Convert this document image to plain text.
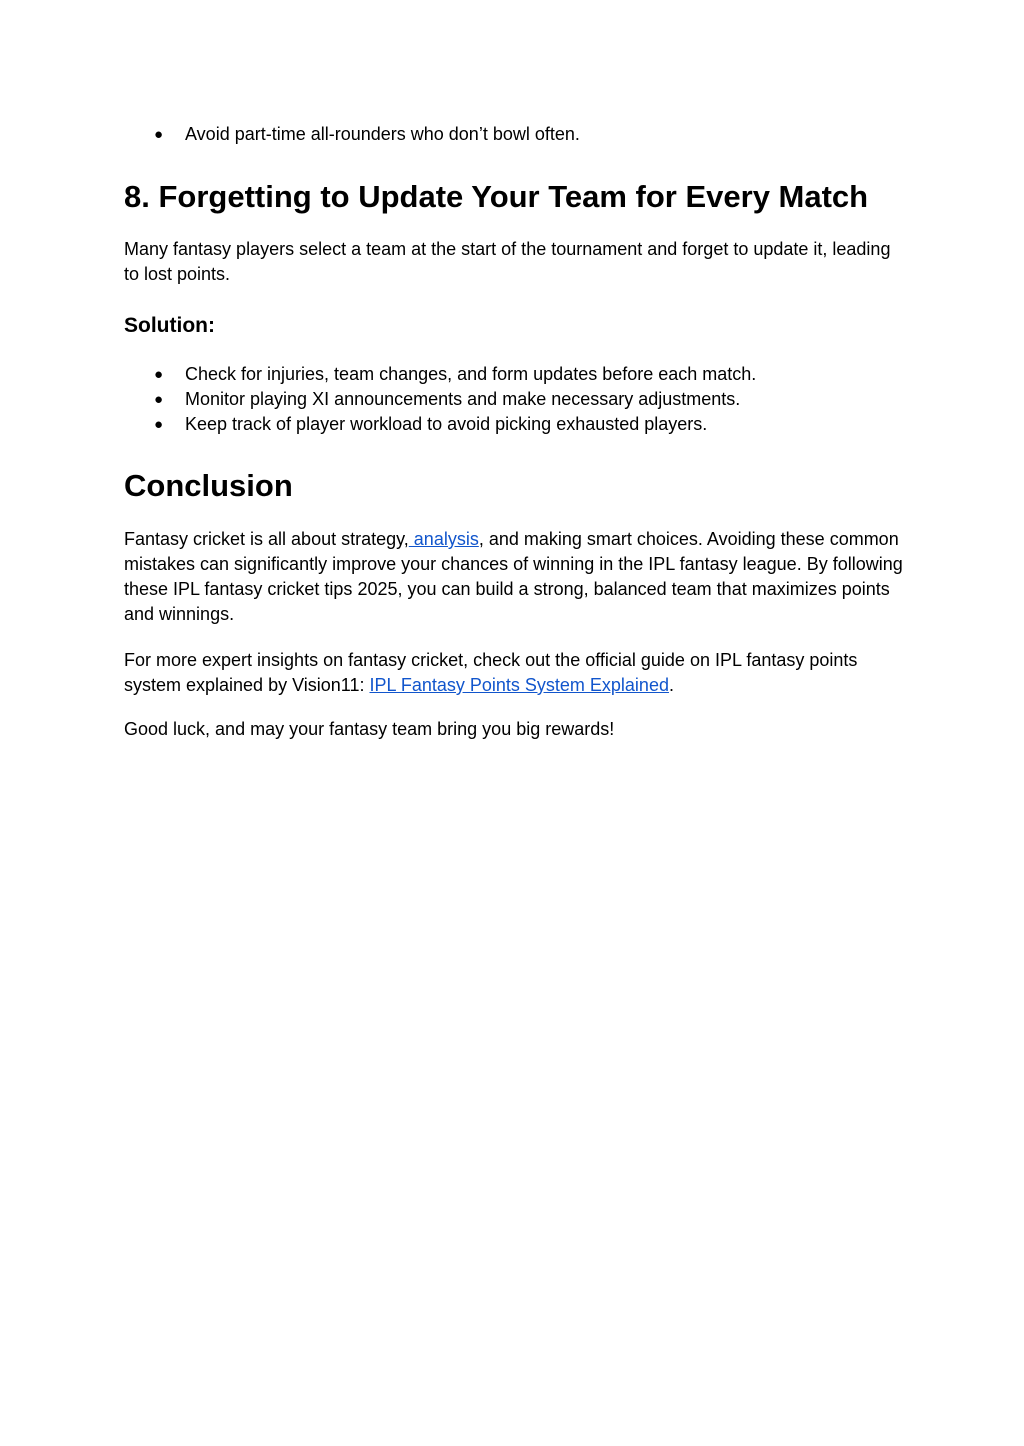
● Avoid part-time all-rounders who don’t bowl often.
8. Forgetting to Update Your Team for Every Match

Many fantasy players select a team at the start of the tournament and forget to update it, leading to lost points.

Solution:
● Check for injuries, team changes, and form updates before each match.
● Monitor playing XI announcements and make necessary adjustments.
● Keep track of player workload to avoid picking exhausted players.
Conclusion

Fantasy cricket is all about strategy, analysis, and making smart choices. Avoiding these common mistakes can significantly improve your chances of winning in the IPL fantasy league. By following these IPL fantasy cricket tips 2025, you can build a strong, balanced team that maximizes points and winnings.

For more expert insights on fantasy cricket, check out the official guide on IPL fantasy points system explained by Vision11: IPL Fantasy Points System Explained.

Good luck, and may your fantasy team bring you big rewards!
